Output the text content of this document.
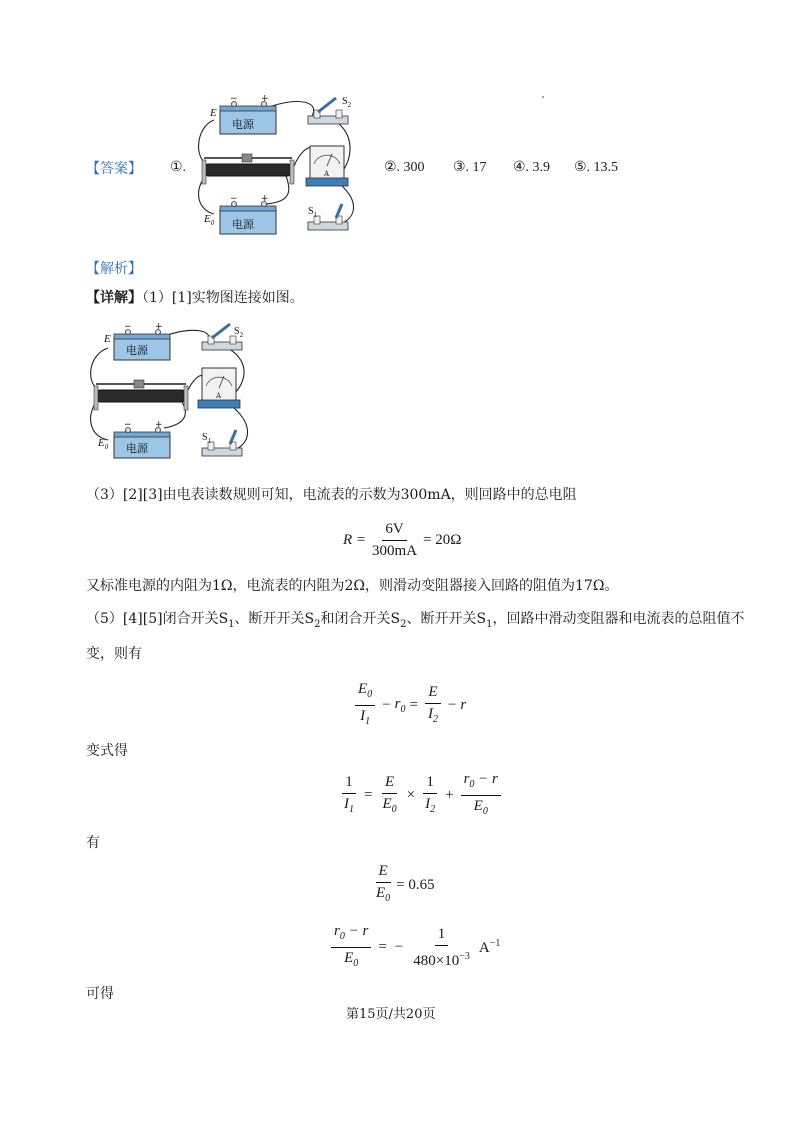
【答案】 ①.	②. 300 ③. 17 ④. 3.9 ⑤. 13.5
电源
−	+
E
$S_2$
A
电源
−	+
$E_0$
$S_1$
【解析】
【详解】（1）[1]实物图连接如图。
电源
−	+
E
$S_2$
A
电源
−	+
$E_0$
$S_1$
（3）[2][3]由电表读数规则可知，电流表的示数为300mA，则回路中的总电阻
$R = \frac{6V}{300mA} = 20\Omega$
又标准电源的内阻为1Ω，电流表的内阻为2Ω，则滑动变阻器接入回路的阻值为17Ω。
（5）[4][5]闭合开关$S_1$、断开开关$S_2$和闭合开关$S_2$、断开开关$S_1$，回路中滑动变阻器和电流表的总阻值不
变，则有
$\frac{E_0}{I_1} - r_0 = \frac{E}{I_2} - r$
变式得
$\frac{1}{I_1} = \frac{E}{E_0} \times \frac{1}{I_2} + \frac{r_0 - r}{E_0}$
有
$\frac{E}{E_0} = 0.65$
$\frac{r_0 - r}{E_0}$ = − $\frac{1}{480\times 10^{-3}} A^{-1}$
可得
第15页/共20页
